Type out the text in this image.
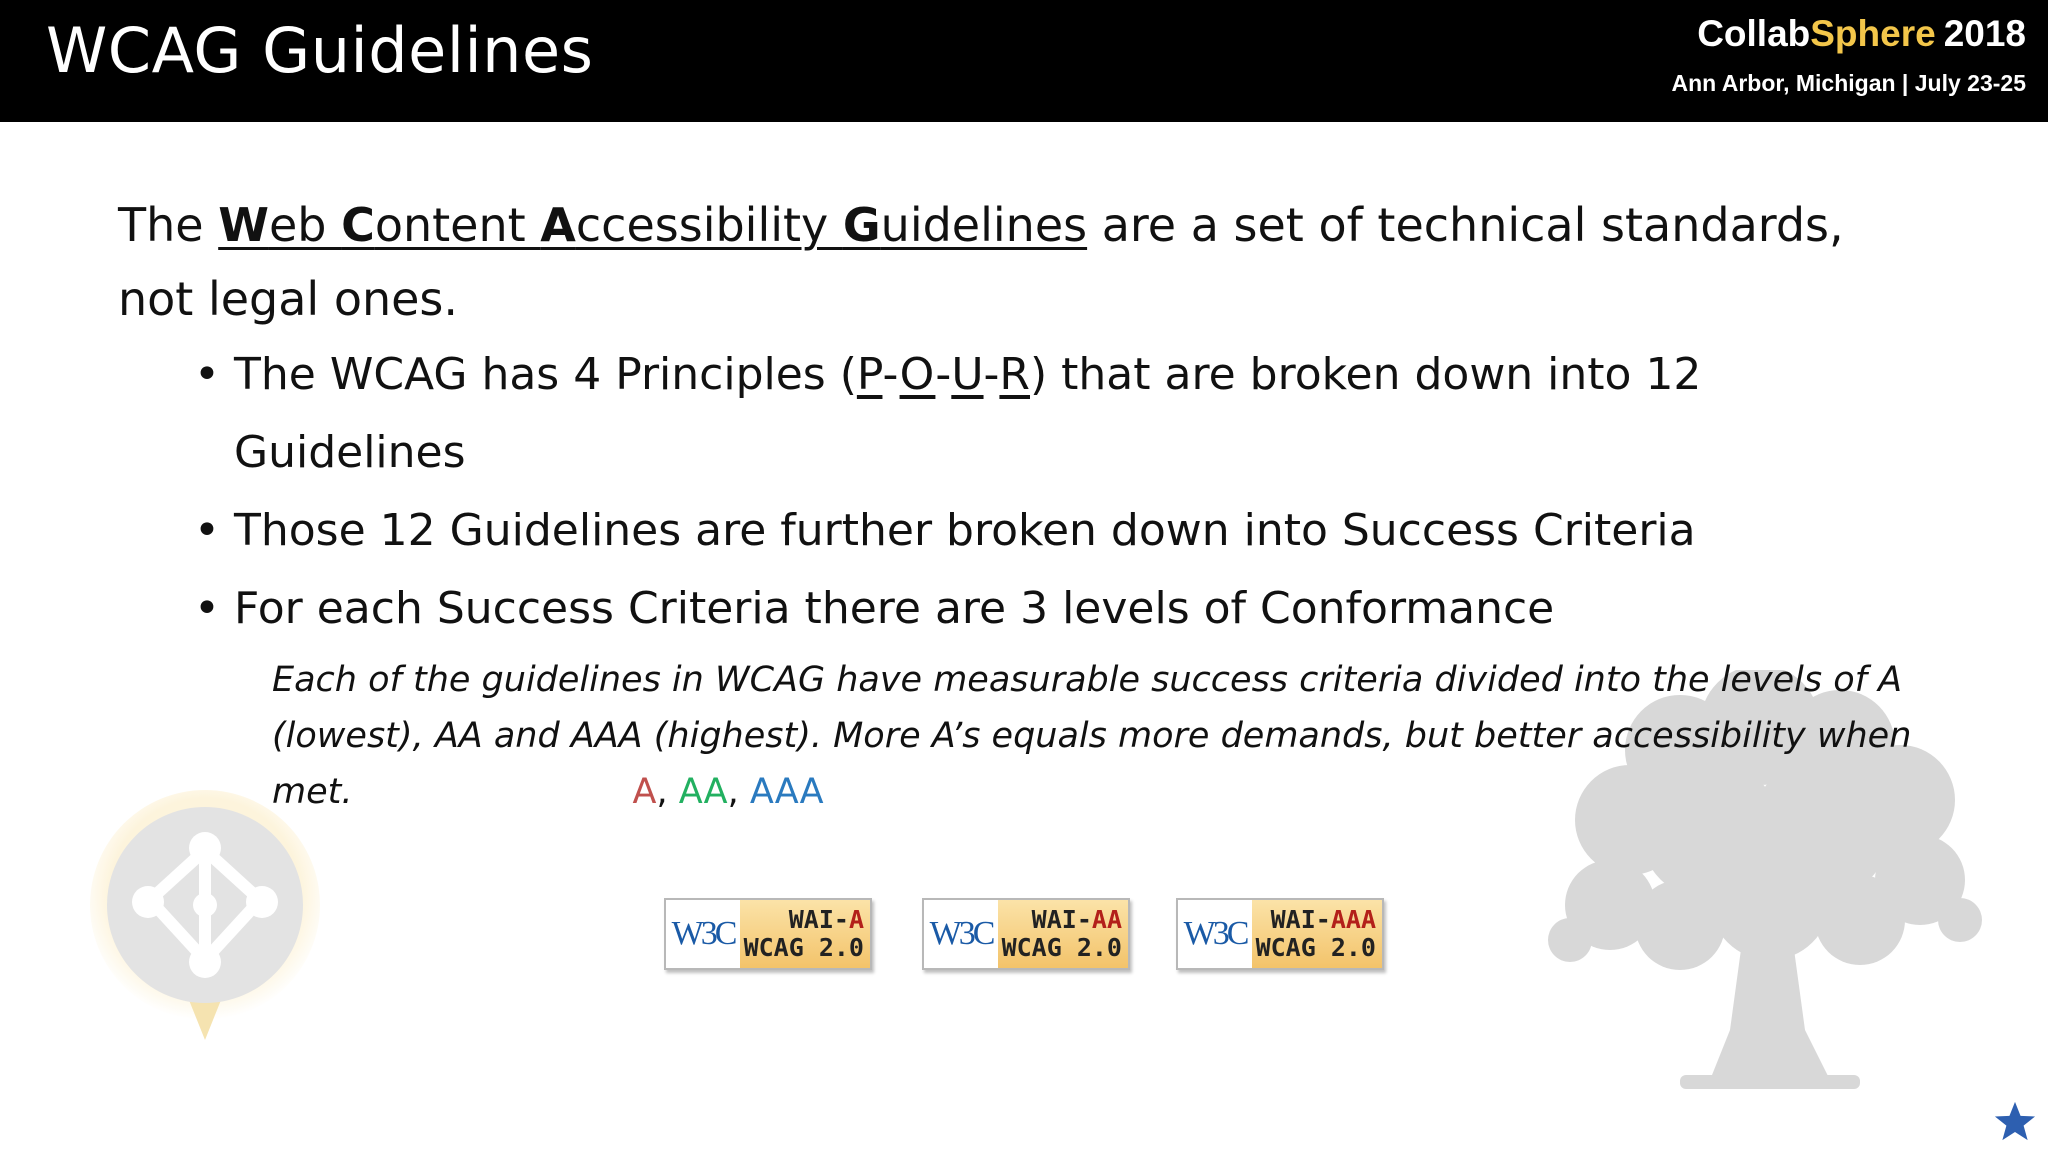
WCAG Guidelines	CollabSphere 2018
Ann Arbor, Michigan | July 23-25

The Web Content Accessibility Guidelines are a set of technical standards, not legal ones.

• The WCAG has 4 Principles (P-O-U-R) that are broken down into 12 Guidelines
• Those 12 Guidelines are further broken down into Success Criteria
• For each Success Criteria there are 3 levels of Conformance
Each of the guidelines in WCAG have measurable success criteria divided into the levels of A (lowest), AA and AAA (highest). More A’s equals more demands, but better accessibility when met.	A, AA, AAA
W3C WAI-A
WCAG 2.0 W3C WAI-AA
WCAG 2.0 W3C WAI-AAA
WCAG 2.0
